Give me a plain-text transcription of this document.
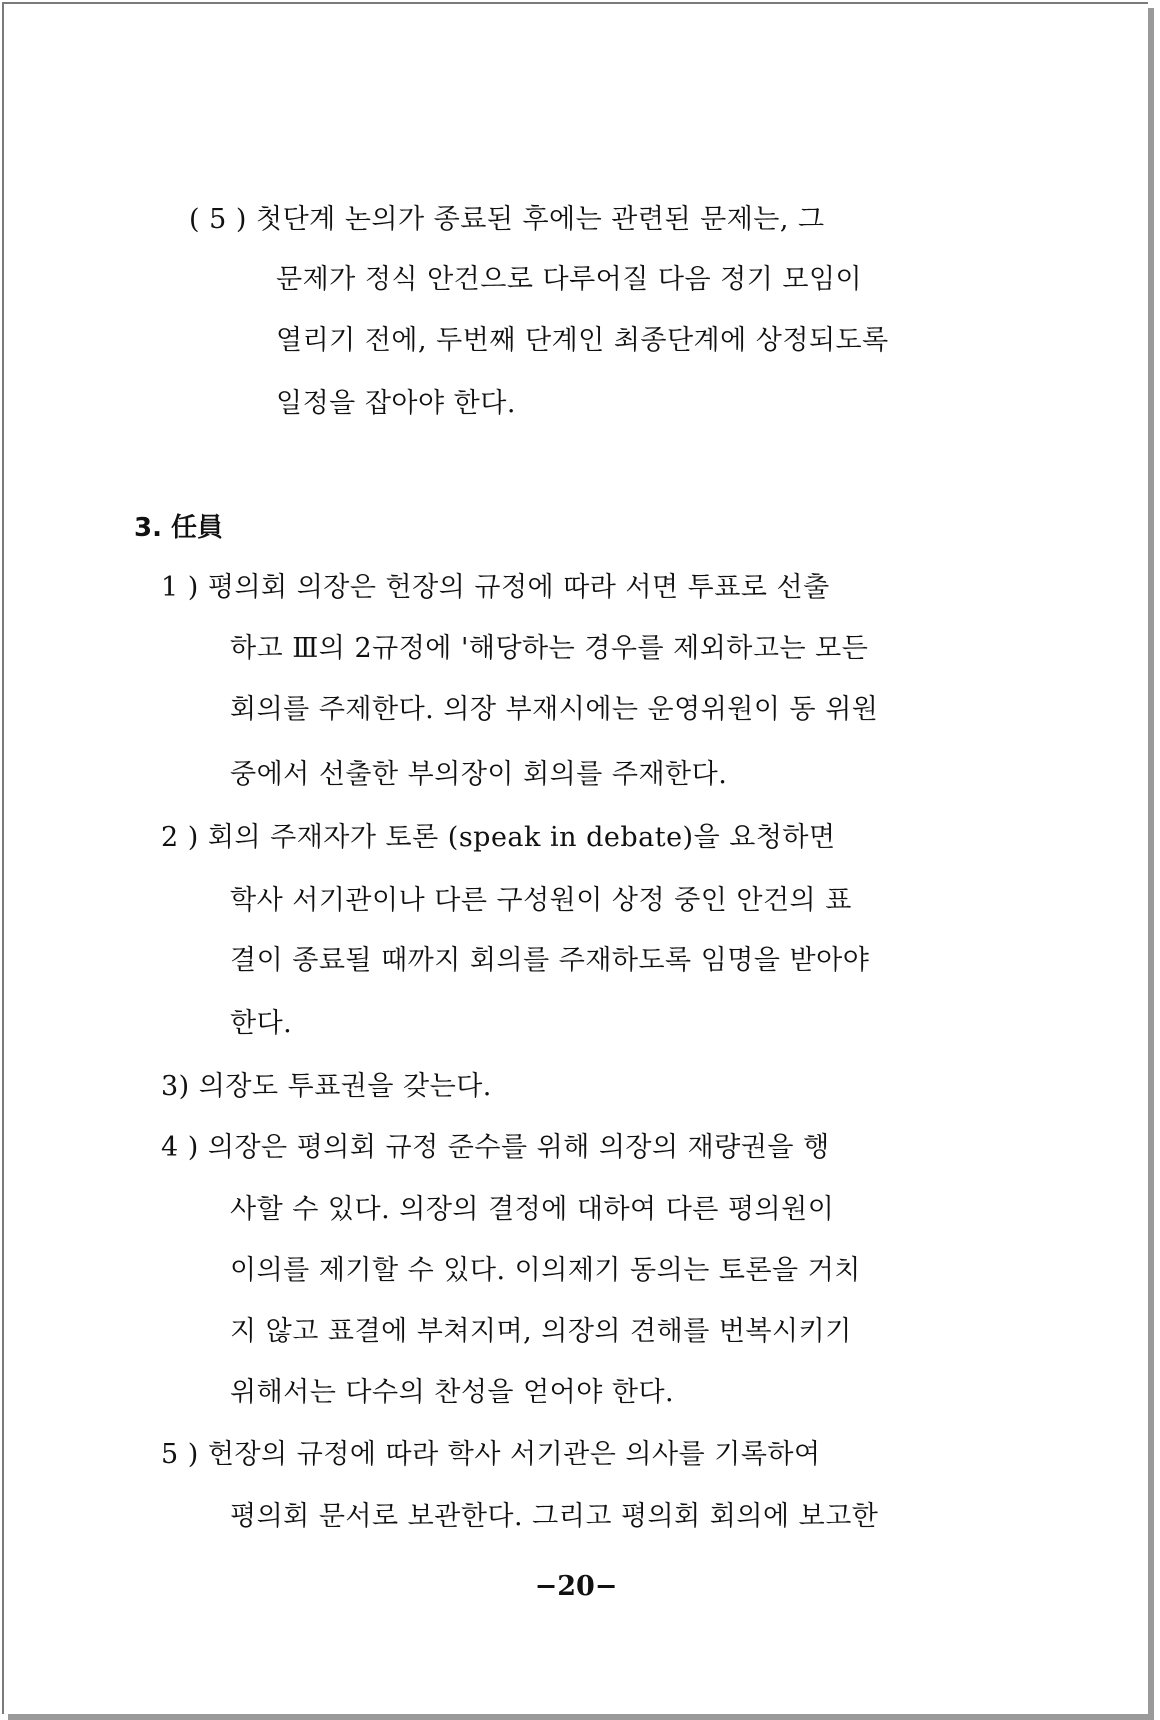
( 5 ) 첫단계 논의가 종료된 후에는 관련된 문제는, 그

문제가 정식 안건으로 다루어질 다음 정기 모임이

열리기 전에, 두번째 단계인 최종단계에 상정되도록

일정을 잡아야 한다.

3. 任員

1 ) 평의회 의장은 헌장의 규정에 따라 서면 투표로 선출

하고 Ⅲ의 2규정에 '해당하는 경우를 제외하고는 모든

회의를 주제한다. 의장 부재시에는 운영위원이 동 위원

중에서 선출한 부의장이 회의를 주재한다.

2 ) 회의 주재자가 토론 (speak in debate)을 요청하면

학사 서기관이나 다른 구성원이 상정 중인 안건의 표

결이 종료될 때까지 회의를 주재하도록 임명을 받아야

한다.

3) 의장도 투표권을 갖는다.

4 ) 의장은 평의회 규정 준수를 위해 의장의 재량권을 행

사할 수 있다. 의장의 결정에 대하여 다른 평의원이

이의를 제기할 수 있다. 이의제기 동의는 토론을 거치

지 않고 표결에 부쳐지며, 의장의 견해를 번복시키기

위해서는 다수의 찬성을 얻어야 한다.

5 ) 헌장의 규정에 따라 학사 서기관은 의사를 기록하여

평의회 문서로 보관한다. 그리고 평의회 회의에 보고한

−20−
